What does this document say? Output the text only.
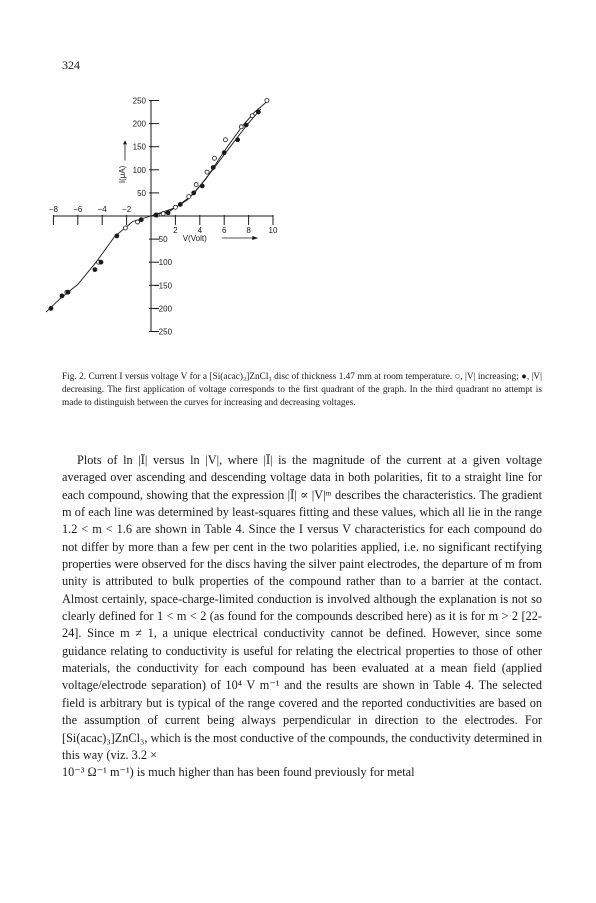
324
250
200
150
100
50
−50
−100
−150
−200
−250
−8 −6 −4 −2
2 4 6 8 10
I(μA)
V(Volt)
Fig. 2. Current I versus voltage V for a [Si(acac)₃]ZnCl₃ disc of thickness 1.47 mm at room temperature. ○, |V| increasing; ●, |V| decreasing. The first application of voltage corresponds to the first quadrant of the graph. In the third quadrant no attempt is made to distinguish between the curves for increasing and decreasing voltages.

Plots of ln |Ī| versus ln |V|, where |Ī| is the magnitude of the current at a given voltage averaged over ascending and descending voltage data in both polarities, fit to a straight line for each compound, showing that the expression |Ī| ∝ |V|ᵐ describes the characteristics. The gradient m of each line was determined by least-squares fitting and these values, which all lie in the range 1.2 < m < 1.6 are shown in Table 4. Since the I versus V characteristics for each compound do not differ by more than a few per cent in the two polarities applied, i.e. no significant rectifying properties were observed for the discs having the silver paint electrodes, the departure of m from unity is attributed to bulk properties of the compound rather than to a barrier at the contact. Almost certainly, space-charge-limited conduction is involved although the explanation is not so clearly defined for 1 < m < 2 (as found for the compounds described here) as it is for m > 2 [22-24]. Since m ≠ 1, a unique electrical conductivity cannot be defined. However, since some guidance relating to conductivity is useful for relating the electrical properties to those of other materials, the conductivity for each compound has been evaluated at a mean field (applied voltage/electrode separation) of 10⁴ V m⁻¹ and the results are shown in Table 4. The selected field is arbitrary but is typical of the range covered and the reported conductivities are based on the assumption of current being always perpendicular in direction to the electrodes. For [Si(acac)₃]ZnCl₃, which is the most conductive of the compounds, the conductivity determined in this way (viz. 3.2 ×

10⁻³ Ω⁻¹ m⁻¹) is much higher than has been found previously for metal
